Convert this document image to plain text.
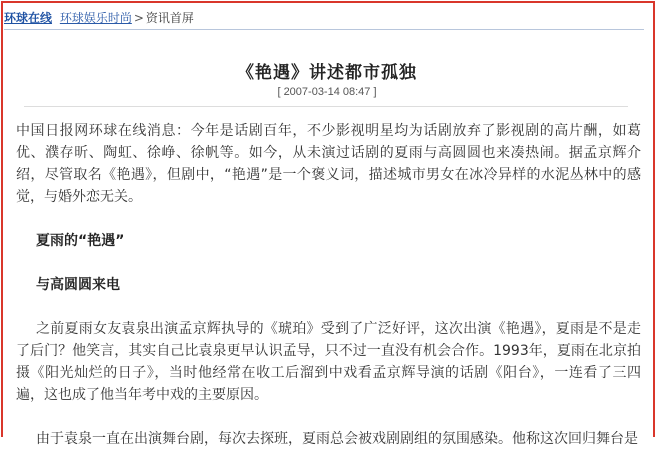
环球在线 环球娱乐时尚 > 资讯首屏
《艳遇》讲述都市孤独
[ 2007-03-14 08:47 ]

中国日报网环球在线消息：今年是话剧百年，不少影视明星均为话剧放弃了影视剧的高片酬，如葛优、濮存昕、陶虹、徐峥、徐帆等。如今，从未演过话剧的夏雨与高圆圆也来凑热闹。据孟京辉介绍，尽管取名《艳遇》，但剧中，“艳遇”是一个褒义词，描述城市男女在冰冷异样的水泥丛林中的感觉，与婚外恋无关。

夏雨的“艳遇”

与高圆圆来电

之前夏雨女友袁泉出演孟京辉执导的《琥珀》受到了广泛好评，这次出演《艳遇》，夏雨是不是走了后门？他笑言，其实自己比袁泉更早认识孟导，只不过一直没有机会合作。1993年，夏雨在北京拍摄《阳光灿烂的日子》，当时他经常在收工后溜到中戏看孟京辉导演的话剧《阳台》，一连看了三四遍，这也成了他当年考中戏的主要原因。

由于袁泉一直在出演舞台剧，每次去探班，夏雨总会被戏剧剧组的氛围感染。他称这次回归舞台是
